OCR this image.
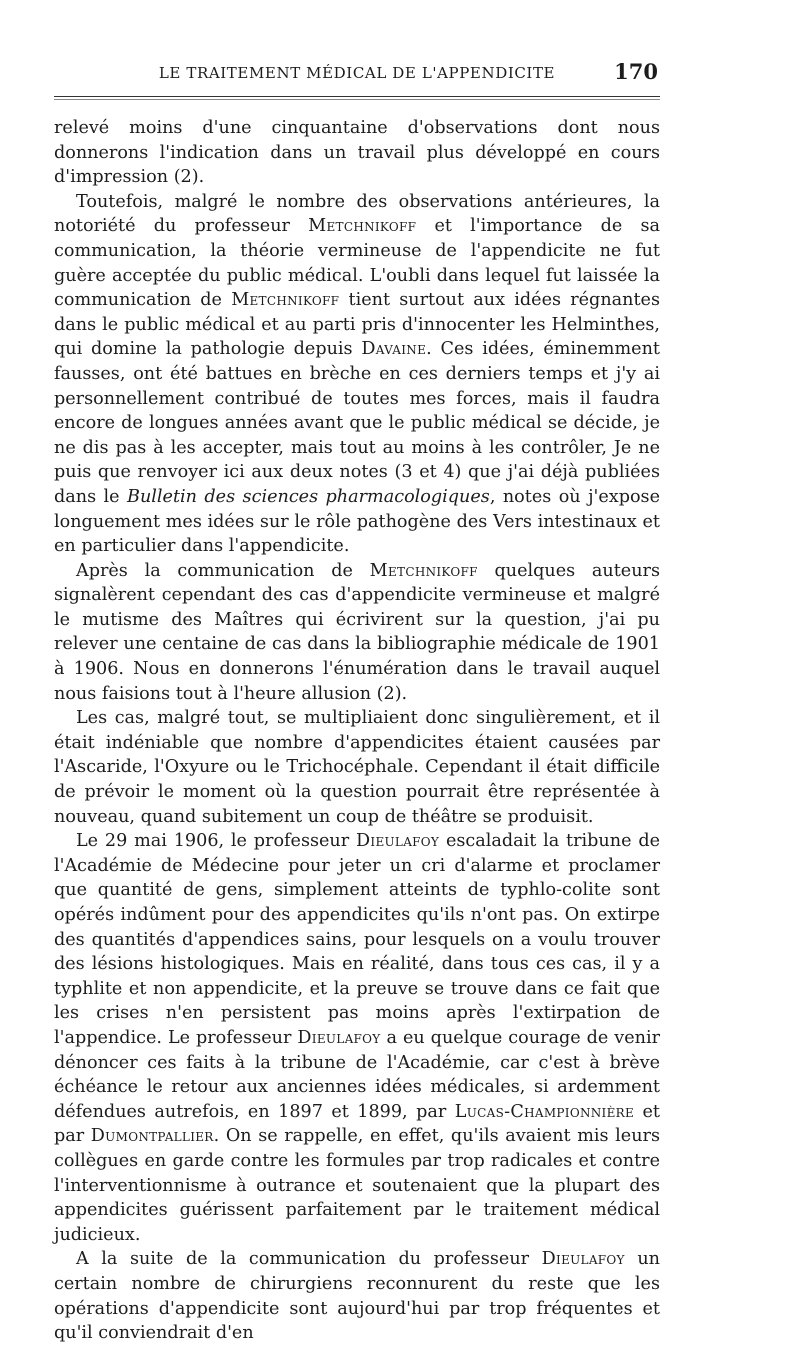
LE TRAITEMENT MÉDICAL DE L'APPENDICITE	170

relevé moins d'une cinquantaine d'observations dont nous donnerons l'indication dans un travail plus développé en cours d'impression (2).

Toutefois, malgré le nombre des observations antérieures, la notoriété du professeur Metchnikoff et l'importance de sa communication, la théorie vermineuse de l'appendicite ne fut guère acceptée du public médical. L'oubli dans lequel fut laissée la communication de Metchnikoff tient surtout aux idées régnantes dans le public médical et au parti pris d'innocenter les Helminthes, qui domine la pathologie depuis Davaine. Ces idées, éminemment fausses, ont été battues en brèche en ces derniers temps et j'y ai personnellement contribué de toutes mes forces, mais il faudra encore de longues années avant que le public médical se décide, je ne dis pas à les accepter, mais tout au moins à les contrôler, Je ne puis que renvoyer ici aux deux notes (3 et 4) que j'ai déjà publiées dans le Bulletin des sciences pharmacologiques, notes où j'expose longuement mes idées sur le rôle pathogène des Vers intestinaux et en particulier dans l'appendicite.

Après la communication de Metchnikoff quelques auteurs signalèrent cependant des cas d'appendicite vermineuse et malgré le mutisme des Maîtres qui écrivirent sur la question, j'ai pu relever une centaine de cas dans la bibliographie médicale de 1901 à 1906. Nous en donnerons l'énumération dans le travail auquel nous faisions tout à l'heure allusion (2).

Les cas, malgré tout, se multipliaient donc singulièrement, et il était indéniable que nombre d'appendicites étaient causées par l'Ascaride, l'Oxyure ou le Trichocéphale. Cependant il était difficile de prévoir le moment où la question pourrait être représentée à nouveau, quand subitement un coup de théâtre se produisit.

Le 29 mai 1906, le professeur Dieulafoy escaladait la tribune de l'Académie de Médecine pour jeter un cri d'alarme et proclamer que quantité de gens, simplement atteints de typhlo-colite sont opérés indûment pour des appendicites qu'ils n'ont pas. On extirpe des quantités d'appendices sains, pour lesquels on a voulu trouver des lésions histologiques. Mais en réalité, dans tous ces cas, il y a typhlite et non appendicite, et la preuve se trouve dans ce fait que les crises n'en persistent pas moins après l'extirpation de l'appendice. Le professeur Dieulafoy a eu quelque courage de venir dénoncer ces faits à la tribune de l'Académie, car c'est à brève échéance le retour aux anciennes idées médicales, si ardemment défendues autrefois, en 1897 et 1899, par Lucas-Championnière et par Dumontpallier. On se rappelle, en effet, qu'ils avaient mis leurs collègues en garde contre les formules par trop radicales et contre l'interventionnisme à outrance et soutenaient que la plupart des appendicites guérissent parfaitement par le traitement médical judicieux.

A la suite de la communication du professeur Dieulafoy un certain nombre de chirurgiens reconnurent du reste que les opérations d'appendicite sont aujourd'hui par trop fréquentes et qu'il conviendrait d'en
